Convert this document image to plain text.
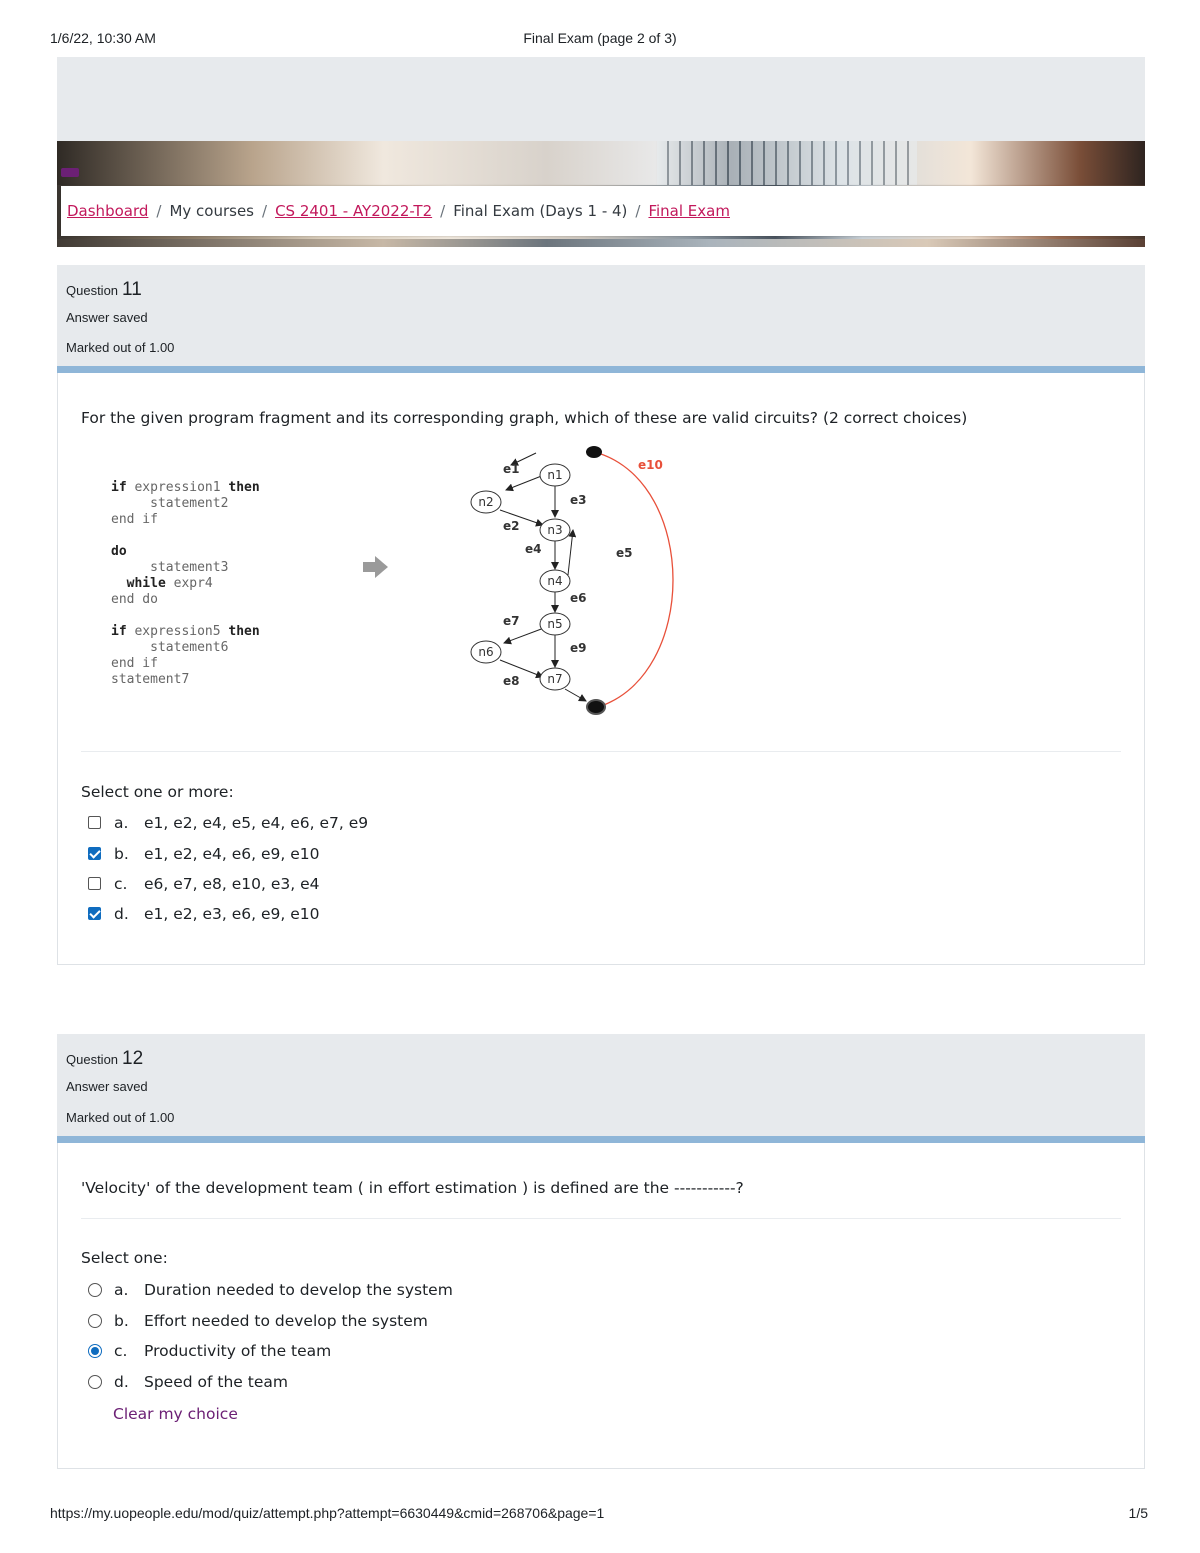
1/6/22, 10:30 AM	Final Exam (page 2 of 3)
Dashboard / My courses / CS 2401 - AY2022-T2 / Final Exam (Days 1 - 4) / Final Exam
Question 11
Answer saved
Marked out of 1.00
For the given program fragment and its corresponding graph, which of these are valid circuits? (2 correct choices)
if expression1 then
statement2
end if

do
statement3
while expr4
end do

if expression5 then
statement6
end if
statement7
n1
n2
n3
n4
n5
n6
n7
e1
e2
e3
e4	e5
e6
e7
e8
e9
e10
Select one or more:
a.	e1, e2, e4, e5, e4, e6, e7, e9
b. e1, e2, e4, e6, e9, e10
c.	e6, e7, e8, e10, e3, e4
d. e1, e2, e3, e6, e9, e10
Question 12
Answer saved
Marked out of 1.00
'Velocity' of the development team ( in effort estimation ) is defined are the -----------?
Select one:
a.	Duration needed to develop the system
b. Effort needed to develop the system
c.	Productivity of the team
d. Speed of the team
Clear my choice
https://my.uopeople.edu/mod/quiz/attempt.php?attempt=6630449&cmid=268706&page=1	1/5
